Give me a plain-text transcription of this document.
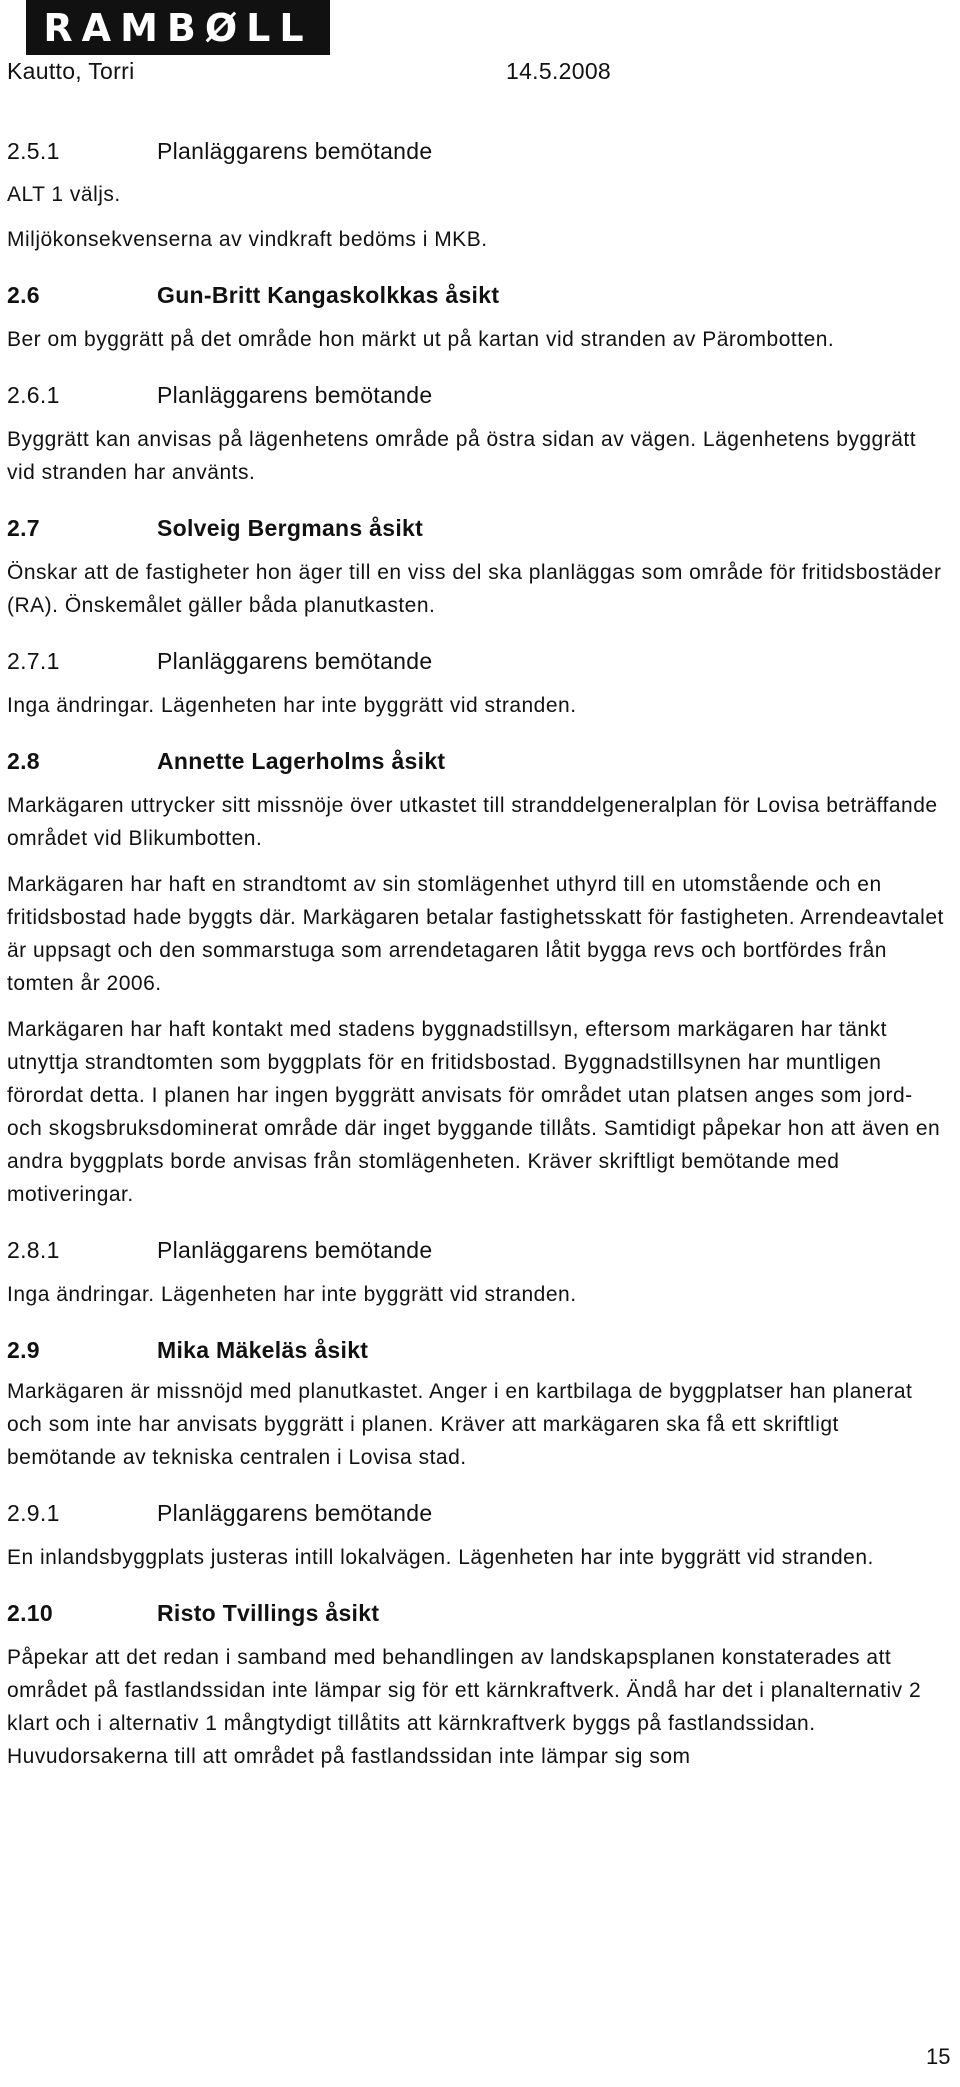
RAMBØLL
Kautto, Torri	14.5.2008
2.5.1	Planläggarens bemötande

ALT 1 väljs.

Miljökonsekvenserna av vindkraft bedöms i MKB.

2.6	Gun-Britt Kangaskolkkas åsikt

Ber om byggrätt på det område hon märkt ut på kartan vid stranden av Pärombotten.

2.6.1	Planläggarens bemötande

Byggrätt kan anvisas på lägenhetens område på östra sidan av vägen. Lägenhetens byggrätt vid stranden har använts.

2.7	Solveig Bergmans åsikt

Önskar att de fastigheter hon äger till en viss del ska planläggas som område för fritidsbostäder (RA). Önskemålet gäller båda planutkasten.

2.7.1	Planläggarens bemötande

Inga ändringar. Lägenheten har inte byggrätt vid stranden.

2.8	Annette Lagerholms åsikt

Markägaren uttrycker sitt missnöje över utkastet till stranddelgeneralplan för Lovisa beträffande området vid Blikumbotten.

Markägaren har haft en strandtomt av sin stomlägenhet uthyrd till en utomstående och en fritidsbostad hade byggts där. Markägaren betalar fastighetsskatt för fastigheten. Arrendeavtalet är uppsagt och den sommarstuga som arrendetagaren låtit bygga revs och bortfördes från tomten år 2006.

Markägaren har haft kontakt med stadens byggnadstillsyn, eftersom markägaren har tänkt utnyttja strandtomten som byggplats för en fritidsbostad. Byggnadstillsynen har muntligen förordat detta. I planen har ingen byggrätt anvisats för området utan platsen anges som jord- och skogsbruksdominerat område där inget byggande tillåts. Samtidigt påpekar hon att även en andra byggplats borde anvisas från stomlägenheten. Kräver skriftligt bemötande med motiveringar.

2.8.1	Planläggarens bemötande

Inga ändringar. Lägenheten har inte byggrätt vid stranden.

2.9	Mika Mäkeläs åsikt

Markägaren är missnöjd med planutkastet. Anger i en kartbilaga de byggplatser han planerat och som inte har anvisats byggrätt i planen. Kräver att markägaren ska få ett skriftligt bemötande av tekniska centralen i Lovisa stad.

2.9.1	Planläggarens bemötande

En inlandsbyggplats justeras intill lokalvägen. Lägenheten har inte byggrätt vid stranden.

2.10	Risto Tvillings åsikt

Påpekar att det redan i samband med behandlingen av landskapsplanen konstaterades att området på fastlandssidan inte lämpar sig för ett kärnkraftverk. Ändå har det i planalternativ 2 klart och i alternativ 1 mångtydigt tillåtits att kärnkraftverk byggs på fastlandssidan. Huvudorsakerna till att området på fastlandssidan inte lämpar sig som

15
